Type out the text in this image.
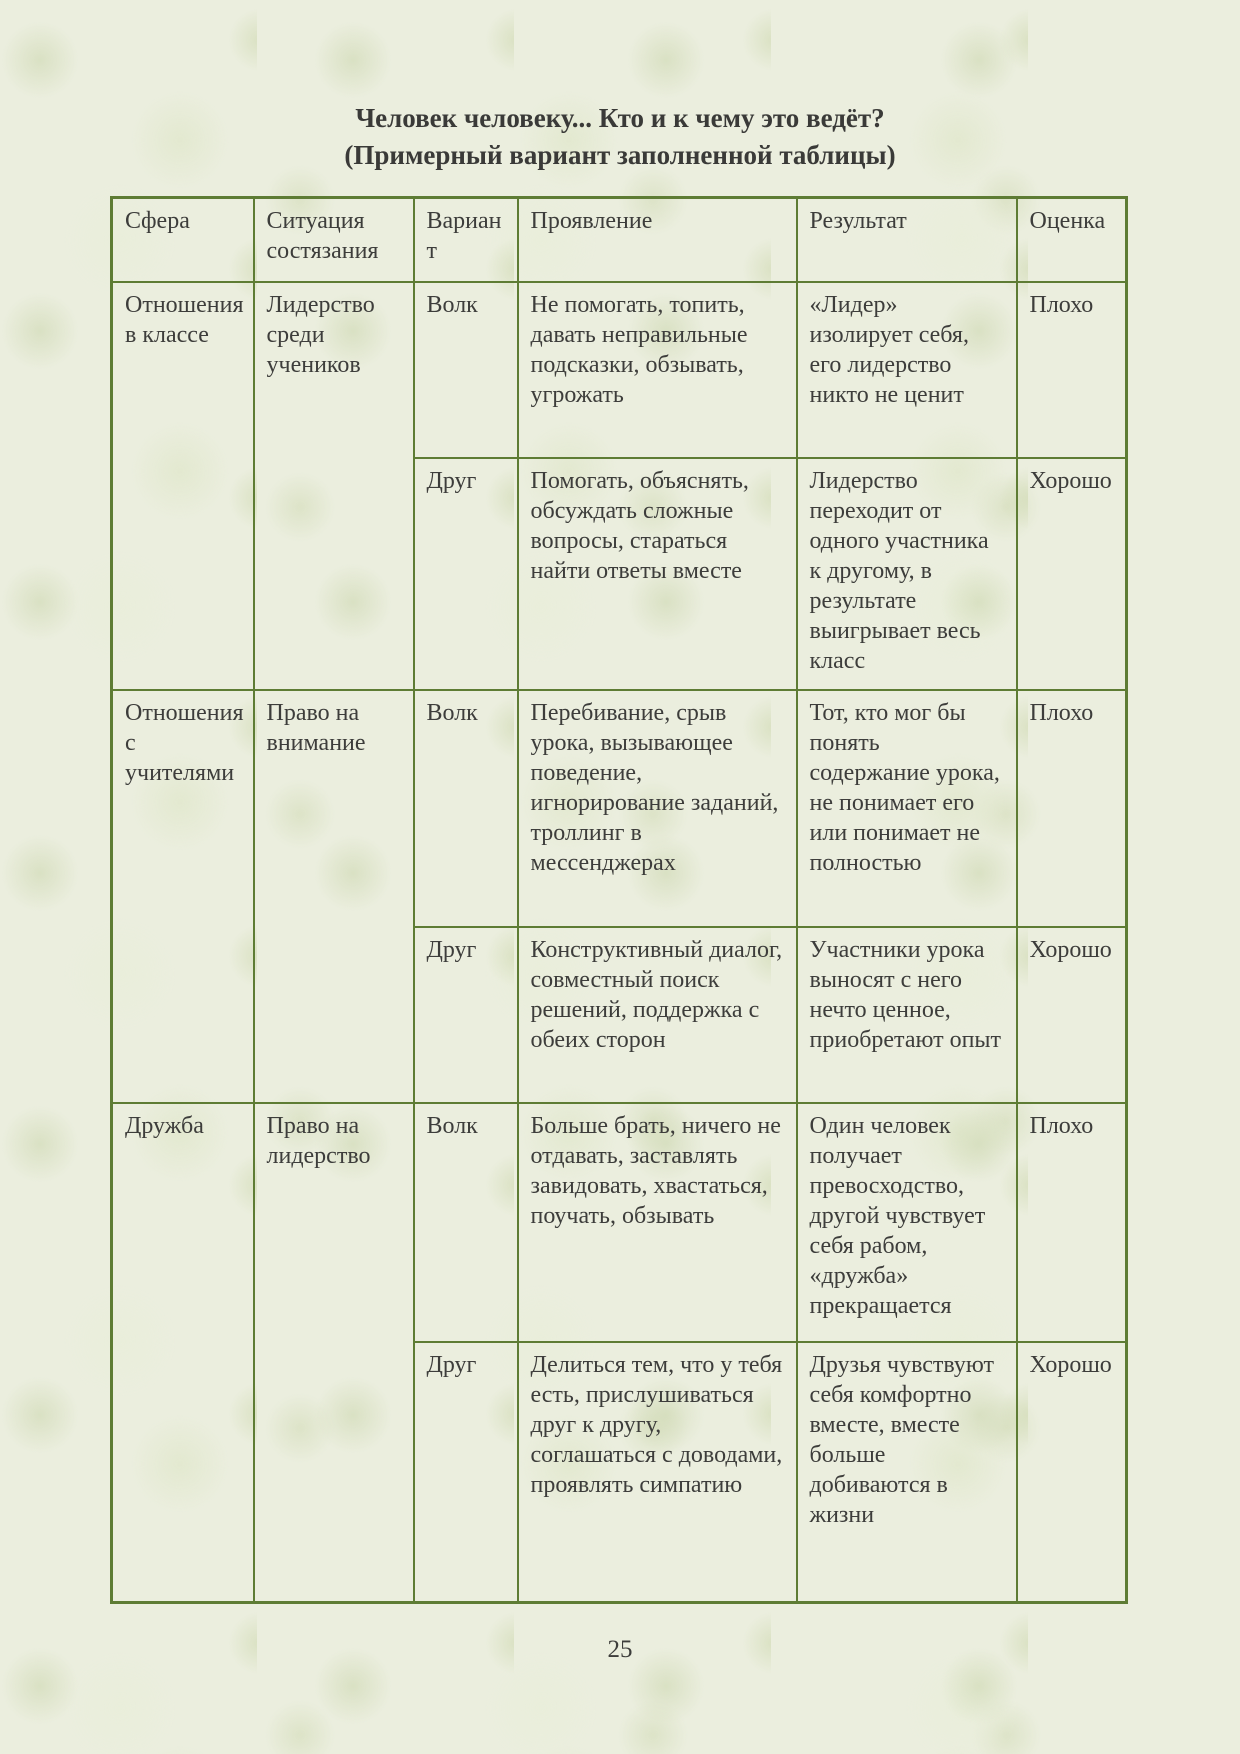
Человек человеку... Кто и к чему это ведёт?
(Примерный вариант заполненной таблицы)
Сфера	Ситуация состязания	Вариант	Проявление	Результат	Оценка
Отношения в классе	Лидерство среди учеников	Волк	Не помогать, топить, давать неправильные подсказки, обзывать, угрожать	«Лидер» изолирует себя, его лидерство никто не ценит	Плохо
		Друг	Помогать, объяснять, обсуждать сложные вопросы, стараться найти ответы вместе	Лидерство переходит от одного участника к другому, в результате выигрывает весь класс	Хорошо
Отношения с учителями	Право на внимание	Волк	Перебивание, срыв урока, вызывающее поведение, игнорирование заданий, троллинг в мессенджерах	Тот, кто мог бы понять содержание урока, не понимает его или понимает не полностью	Плохо
		Друг	Конструктивный диалог, совместный поиск решений, поддержка с обеих сторон	Участники урока выносят с него нечто ценное, приобретают опыт	Хорошо
Дружба	Право на лидерство	Волк	Больше брать, ничего не отдавать, заставлять завидовать, хвастаться, поучать, обзывать	Один человек получает превосходство, другой чувствует себя рабом, «дружба» прекращается	Плохо
		Друг	Делиться тем, что у тебя есть, прислушиваться друг к другу, соглашаться с доводами, проявлять симпатию	Друзья чувствуют себя комфортно вместе, вместе больше добиваются в жизни	Хорошо
25
